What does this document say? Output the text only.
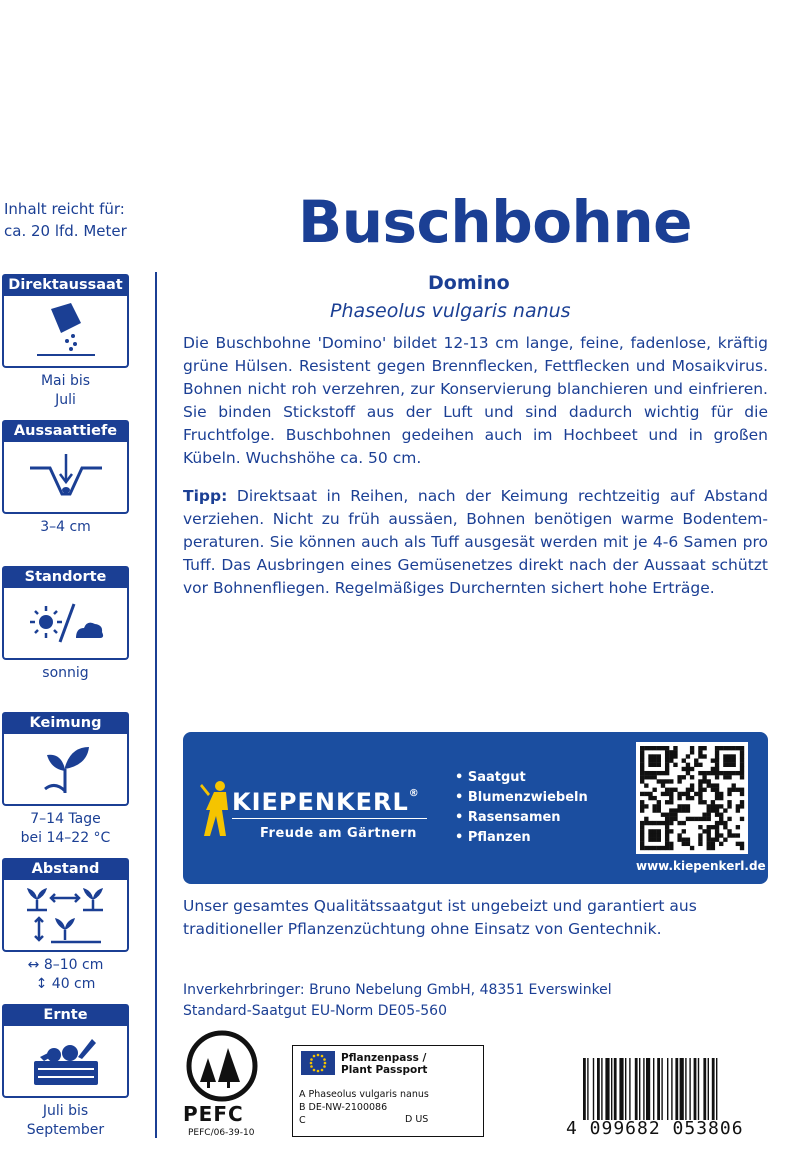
Inhalt reicht für:
ca. 20 lfd. Meter
Direktaussaat
Mai bis
Juli
Aussaattiefe
3–4 cm
Standorte
sonnig
Keimung
7–14 Tage
bei 14–22 °C
Abstand
↔ 8–10 cm
↕ 40 cm
Ernte
Juli bis
September
Buschbohne
Domino
Phaseolus vulgaris nanus
Die Buschbohne 'Domino' bildet 12-13 cm lange, feine, fadenlose, kräftig grüne Hülsen. Resistent gegen Brennflecken, Fettflecken und Mosaikvirus. Bohnen nicht roh verzehren, zur Konservierung blanchieren und einfrieren. Sie binden Stickstoff aus der Luft und sind dadurch wichtig für die Fruchtfolge. Buschbohnen gedeihen auch im Hochbeet und in großen Kübeln. Wuchshöhe ca. 50 cm.
Tipp: Direktsaat in Reihen, nach der Keimung rechtzeitig auf Abstand verziehen. Nicht zu früh aussäen, Bohnen benötigen warme Bodentemperaturen. Sie können auch als Tuff ausgesät werden mit je 4-6 Samen pro Tuff. Das Ausbringen eines Gemüsenetzes direkt nach der Aussaat schützt vor Bohnenfliegen. Regelmäßiges Durchernten sichert hohe Erträge.
KIEPENKERL®
Freude am Gärtnern
• Saatgut
• Blumenzwiebeln
• Rasensamen
• Pflanzen
www.kiepenkerl.de
Unser gesamtes Qualitätssaatgut ist ungebeizt und garantiert aus traditioneller Pflanzenzüchtung ohne Einsatz von Gentechnik.
Inverkehrbringer: Bruno Nebelung GmbH, 48351 Everswinkel
Standard-Saatgut EU-Norm DE05-560
PEFC
PEFC/06-39-10
Pflanzenpass /
Plant Passport
A Phaseolus vulgaris nanus
B DE-NW-2100086
C	D US	4 099682 053806
